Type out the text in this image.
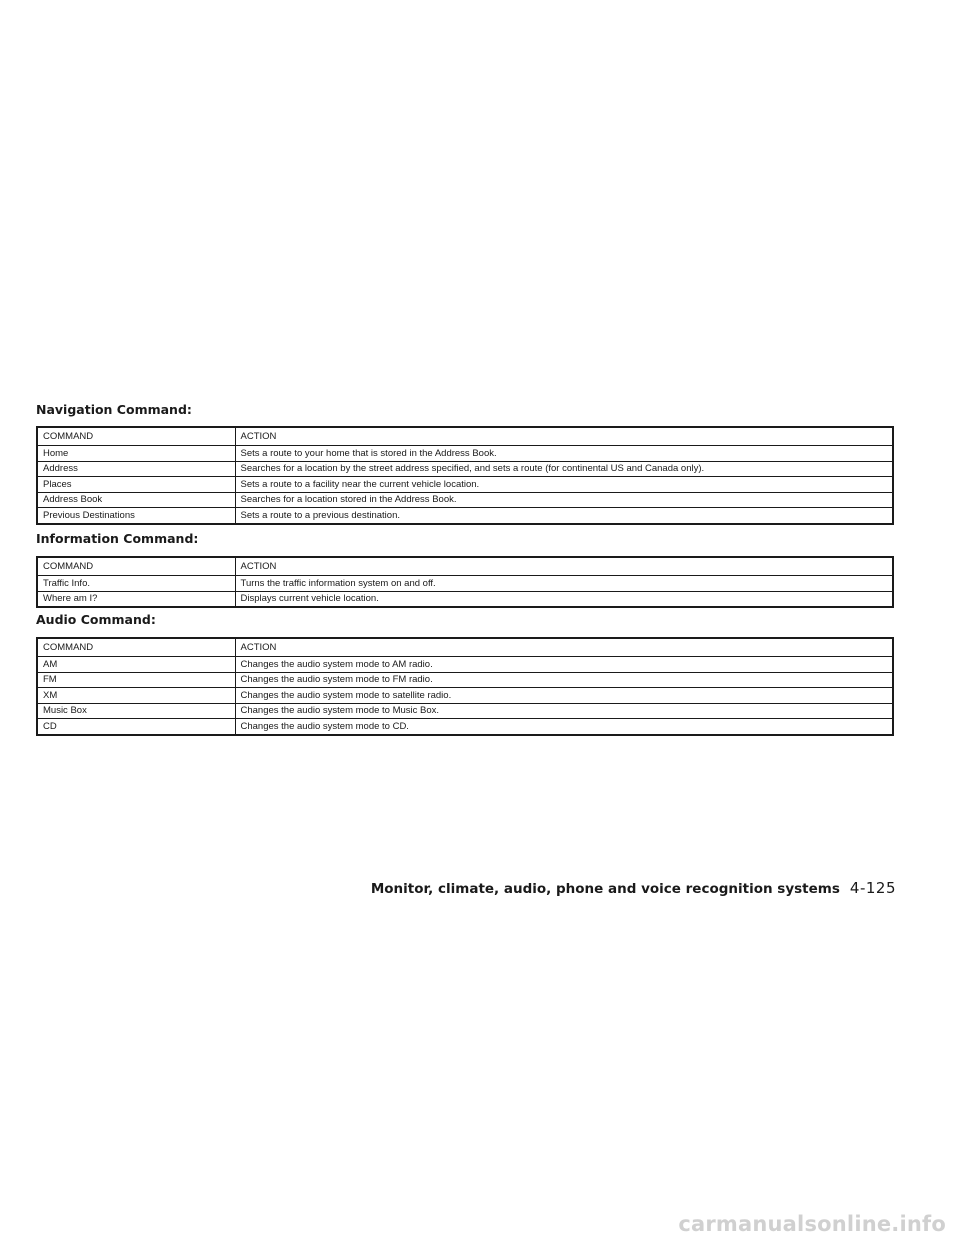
Navigation Command:
COMMAND	ACTION
Home	Sets a route to your home that is stored in the Address Book.
Address	Searches for a location by the street address specified, and sets a route (for continental US and Canada only).
Places	Sets a route to a facility near the current vehicle location.
Address Book	Searches for a location stored in the Address Book.
Previous Destinations	Sets a route to a previous destination.
Information Command:
COMMAND	ACTION
Traffic Info.	Turns the traffic information system on and off.
Where am I?	Displays current vehicle location.
Audio Command:
COMMAND	ACTION
AM	Changes the audio system mode to AM radio.
FM	Changes the audio system mode to FM radio.
XM	Changes the audio system mode to satellite radio.
Music Box	Changes the audio system mode to Music Box.
CD	Changes the audio system mode to CD.
Monitor, climate, audio, phone and voice recognition systems 4-125
carmanualsonline.info
